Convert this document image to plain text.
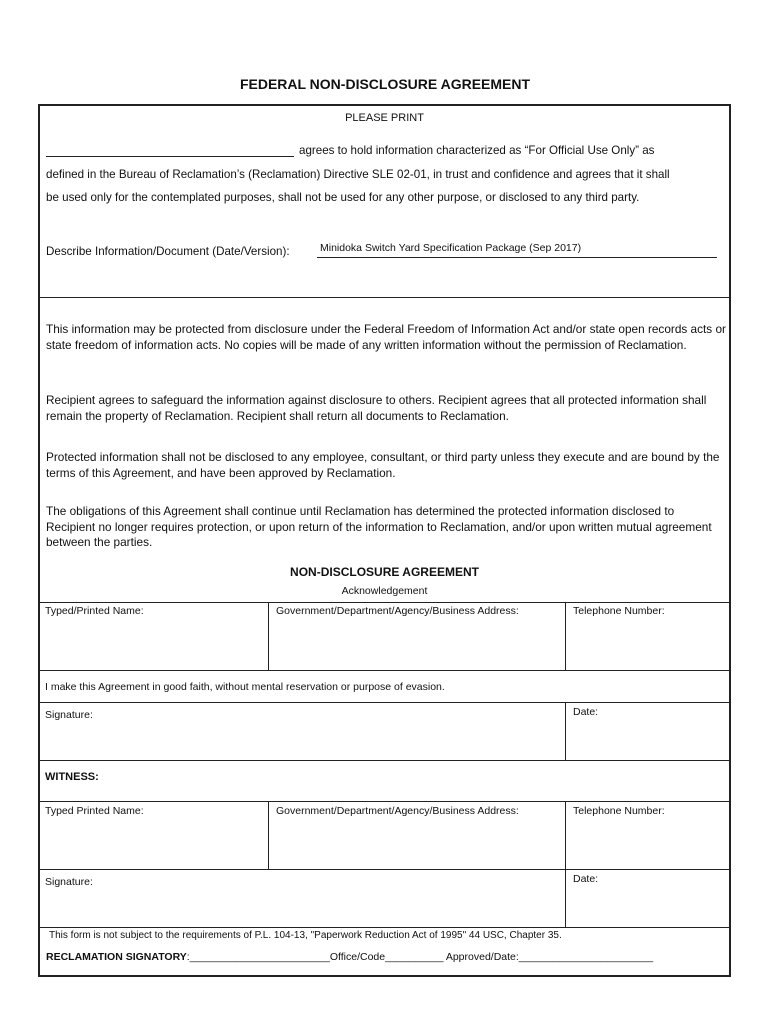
FEDERAL NON-DISCLOSURE AGREEMENT
PLEASE PRINT
agrees to hold information characterized as “For Official Use Only” as
defined in the Bureau of Reclamation’s (Reclamation) Directive SLE 02-01, in trust and confidence and agrees that it shall
be used only for the contemplated purposes, shall not be used for any other purpose, or disclosed to any third party.
Describe Information/Document (Date/Version):	Minidoka Switch Yard Specification Package (Sep 2017)
This information may be protected from disclosure under the Federal Freedom of Information Act and/or state open records acts or state freedom of information acts. No copies will be made of any written information without the permission of Reclamation.
Recipient agrees to safeguard the information against disclosure to others. Recipient agrees that all protected information shall remain the property of Reclamation. Recipient shall return all documents to Reclamation.
Protected information shall not be disclosed to any employee, consultant, or third party unless they execute and are bound by the terms of this Agreement, and have been approved by Reclamation.
The obligations of this Agreement shall continue until Reclamation has determined the protected information disclosed to Recipient no longer requires protection, or upon return of the information to Reclamation, and/or upon written mutual agreement between the parties.
NON-DISCLOSURE AGREEMENT
Acknowledgement
Typed/Printed Name:	Government/Department/Agency/Business Address:	Telephone Number:
I make this Agreement in good faith, without mental reservation or purpose of evasion.
Signature:	Date:
WITNESS:
Typed Printed Name:	Government/Department/Agency/Business Address:	Telephone Number:
Signature:	Date:
This form is not subject to the requirements of P.L. 104-13, "Paperwork Reduction Act of 1995" 44 USC, Chapter 35.
RECLAMATION SIGNATORY:________________________Office/Code__________ Approved/Date:_______________________
